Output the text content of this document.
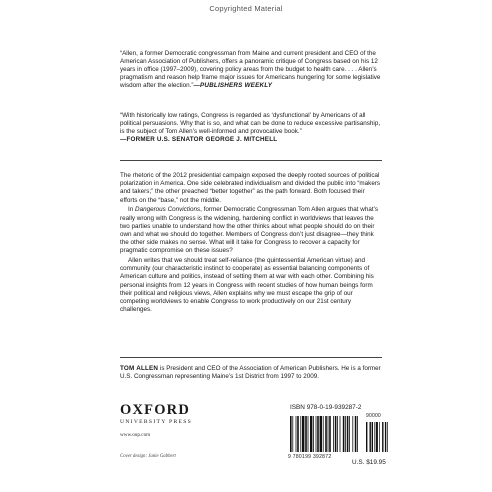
Copyrighted Material
“Allen, a former Democratic congressman from Maine and current president and CEO of the American Association of Publishers, offers a panoramic critique of Congress based on his 12 years in office (1997–2009), covering policy areas from the budget to health care. . . . Allen’s pragmatism and reason help frame major issues for Americans hungering for some legislative wisdom after the election.”—PUBLISHERS WEEKLY
“With historically low ratings, Congress is regarded as ‘dysfunctional’ by Americans of all political persuasions. Why that is so, and what can be done to reduce excessive partisanship, is the subject of Tom Allen’s well-informed and provocative book.”
—FORMER U.S. SENATOR GEORGE J. MITCHELL

The rhetoric of the 2012 presidential campaign exposed the deeply rooted sources of political polarization in America. One side celebrated individualism and divided the public into “makers and takers;” the other preached “better together” as the path forward. Both focused their efforts on the “base,” not the middle.

In Dangerous Convictions, former Democratic Congressman Tom Allen argues that what’s really wrong with Congress is the widening, hardening conflict in worldviews that leaves the two parties unable to understand how the other thinks about what people should do on their own and what we should do together. Members of Congress don’t just disagree—they think the other side makes no sense. What will it take for Congress to recover a capacity for pragmatic compromise on these issues?

Allen writes that we should treat self-reliance (the quintessential American virtue) and community (our characteristic instinct to cooperate) as essential balancing components of American culture and politics, instead of setting them at war with each other. Combining his personal insights from 12 years in Congress with recent studies of how human beings form their political and religious views, Allen explains why we must escape the grip of our competing worldviews to enable Congress to work productively on our 21st century challenges.

TOM ALLEN is President and CEO of the Association of American Publishers. He is a former U.S. Congressman representing Maine’s 1st District from 1997 to 2009.
OXFORD
UNIVERSITY PRESS
www.oup.com
Cover design: Janie Gabbert
ISBN 978-0-19-939287-2
90000
9 780199 392872
U.S. $19.95
